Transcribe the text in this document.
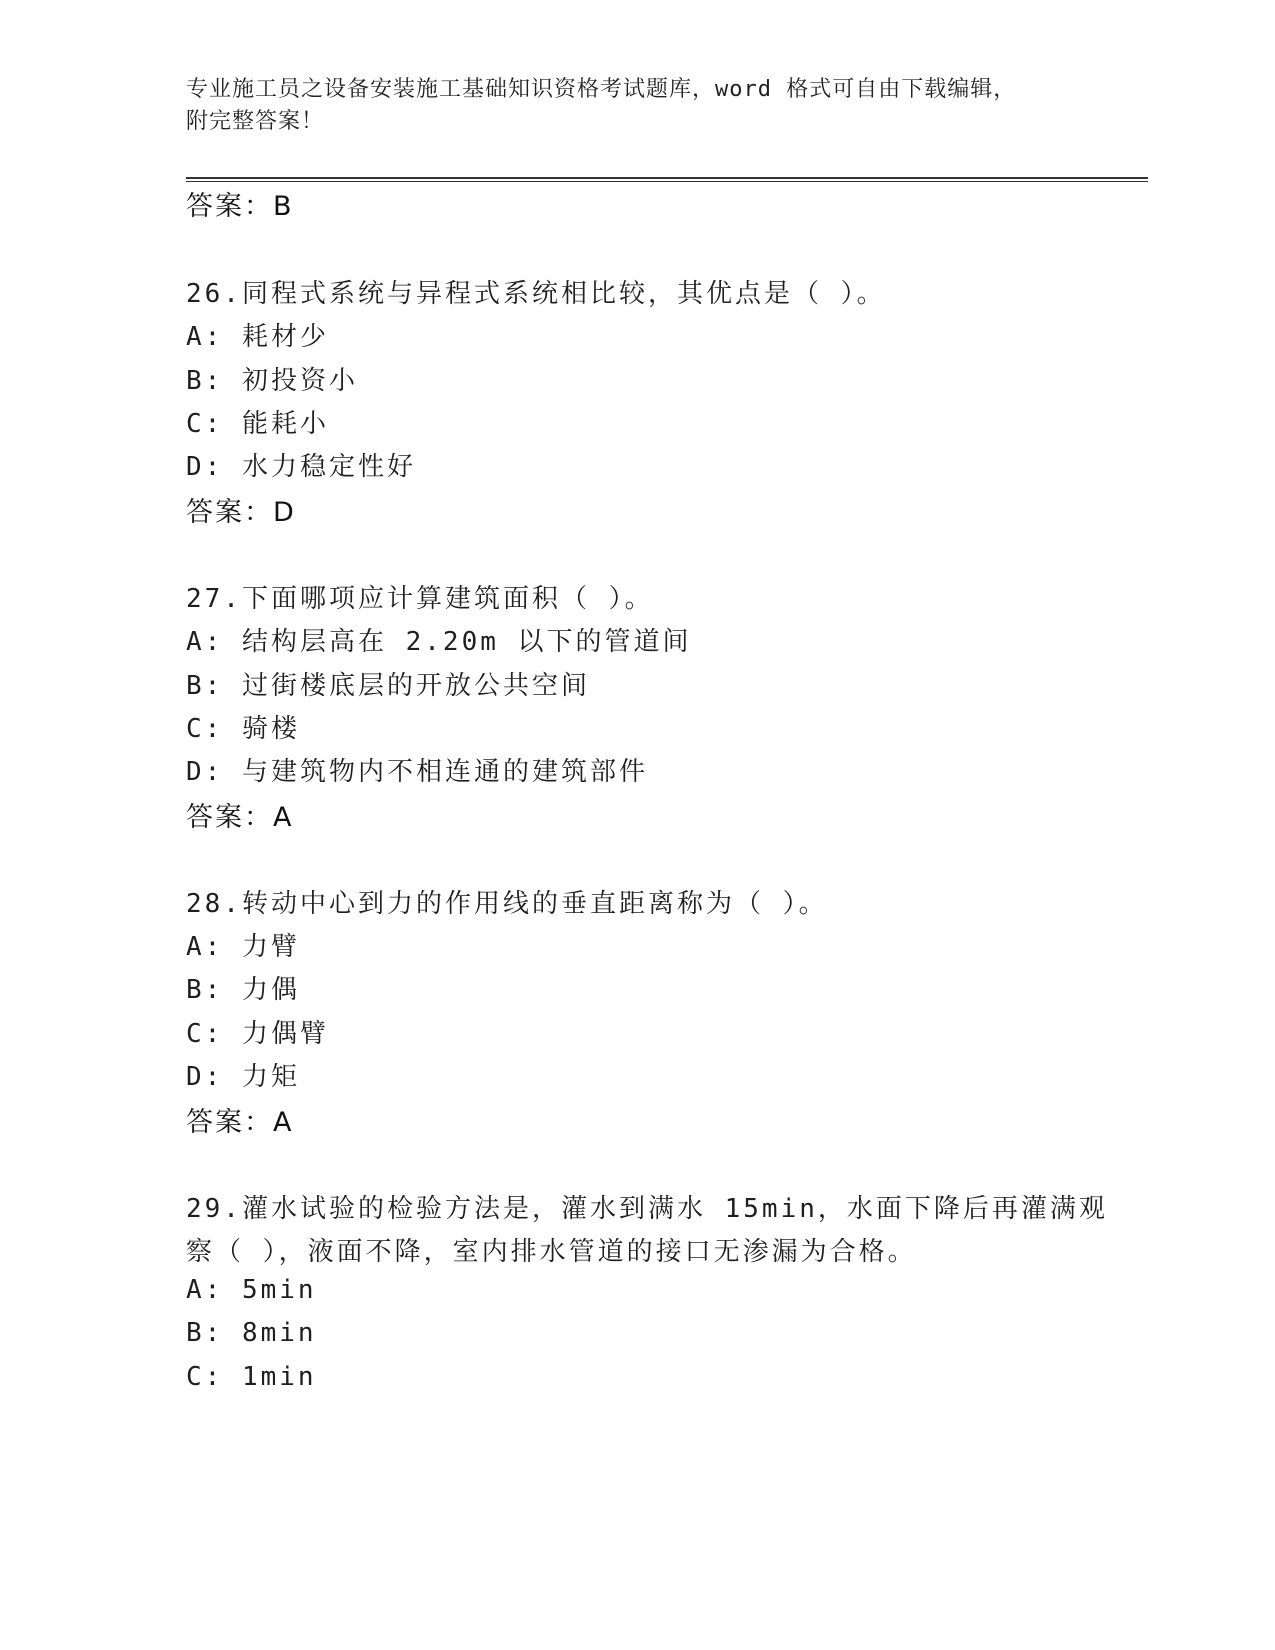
专业施工员之设备安装施工基础知识资格考试题库，word 格式可自由下载编辑，
附完整答案！
答案：B
26.同程式系统与异程式系统相比较，其优点是（ ）。
A: 耗材少
B: 初投资小
C: 能耗小
D: 水力稳定性好
答案：D
27.下面哪项应计算建筑面积（ ）。
A: 结构层高在 2.20m 以下的管道间
B: 过街楼底层的开放公共空间
C: 骑楼
D: 与建筑物内不相连通的建筑部件
答案：A
28.转动中心到力的作用线的垂直距离称为（ ）。
A: 力臂
B: 力偶
C: 力偶臂
D: 力矩
答案：A
29.灌水试验的检验方法是，灌水到满水 15min，水面下降后再灌满观
察（ ），液面不降，室内排水管道的接口无渗漏为合格。
A: 5min
B: 8min
C: 1min
